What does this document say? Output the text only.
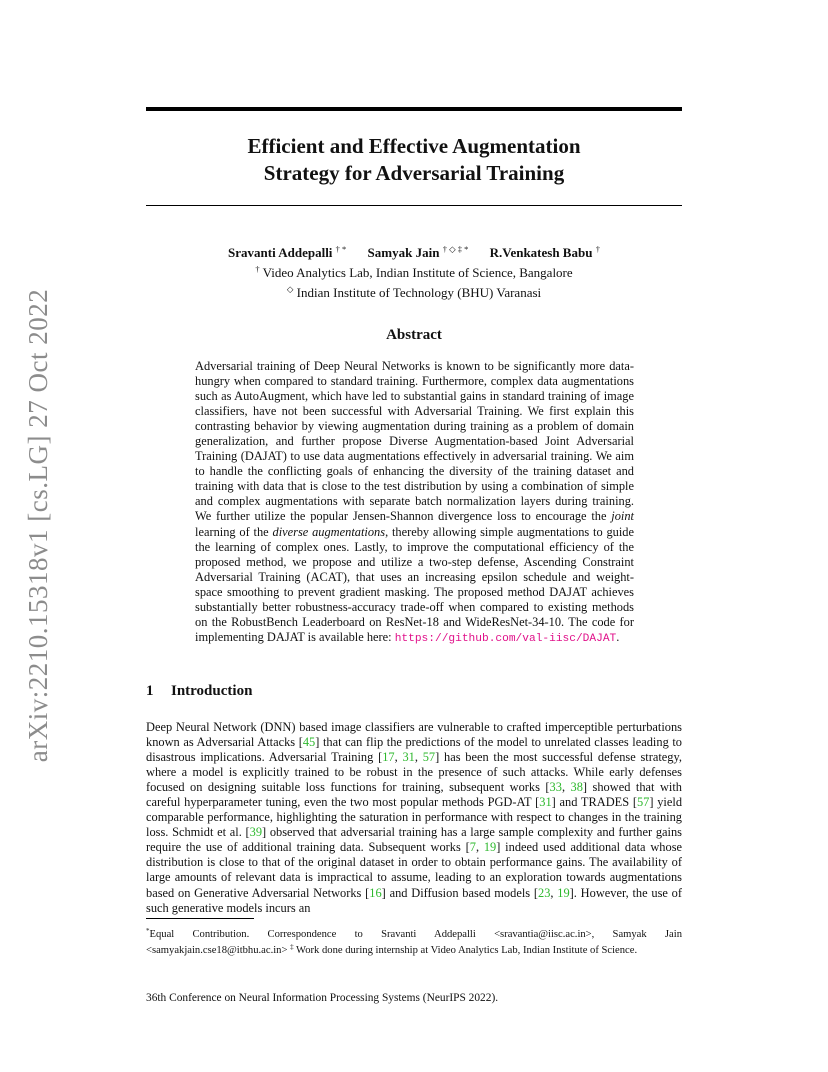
arXiv:2210.15318v1 [cs.LG] 27 Oct 2022
Efficient and Effective Augmentation
Strategy for Adversarial Training
Sravanti Addepalli † * Samyak Jain † ◇ ‡ * R.Venkatesh Babu †
† Video Analytics Lab, Indian Institute of Science, Bangalore
◇ Indian Institute of Technology (BHU) Varanasi
Abstract
Adversarial training of Deep Neural Networks is known to be significantly more data-hungry when compared to standard training. Furthermore, complex data augmentations such as AutoAugment, which have led to substantial gains in standard training of image classifiers, have not been successful with Adversarial Training. We first explain this contrasting behavior by viewing augmentation during training as a problem of domain generalization, and further propose Diverse Augmentation-based Joint Adversarial Training (DAJAT) to use data augmentations effectively in adversarial training. We aim to handle the conflicting goals of enhancing the diversity of the training dataset and training with data that is close to the test distribution by using a combination of simple and complex augmentations with separate batch normalization layers during training. We further utilize the popular Jensen-Shannon divergence loss to encourage the joint learning of the diverse augmentations, thereby allowing simple augmentations to guide the learning of complex ones. Lastly, to improve the computational efficiency of the proposed method, we propose and utilize a two-step defense, Ascending Constraint Adversarial Training (ACAT), that uses an increasing epsilon schedule and weight-space smoothing to prevent gradient masking. The proposed method DAJAT achieves substantially better robustness-accuracy trade-off when compared to existing methods on the RobustBench Leaderboard on ResNet-18 and WideResNet-34-10. The code for implementing DAJAT is available here: https://github.com/val-iisc/DAJAT.
1 Introduction
Deep Neural Network (DNN) based image classifiers are vulnerable to crafted imperceptible perturbations known as Adversarial Attacks [45] that can flip the predictions of the model to unrelated classes leading to disastrous implications. Adversarial Training [17, 31, 57] has been the most successful defense strategy, where a model is explicitly trained to be robust in the presence of such attacks. While early defenses focused on designing suitable loss functions for training, subsequent works [33, 38] showed that with careful hyperparameter tuning, even the two most popular methods PGD-AT [31] and TRADES [57] yield comparable performance, highlighting the saturation in performance with respect to changes in the training loss. Schmidt et al. [39] observed that adversarial training has a large sample complexity and further gains require the use of additional training data. Subsequent works [7, 19] indeed used additional data whose distribution is close to that of the original dataset in order to obtain performance gains. The availability of large amounts of relevant data is impractical to assume, leading to an exploration towards augmentations based on Generative Adversarial Networks [16] and Diffusion based models [23, 19]. However, the use of such generative models incurs an
*Equal Contribution. Correspondence to Sravanti Addepalli <sravantia@iisc.ac.in>, Samyak Jain <samyakjain.cse18@itbhu.ac.in> ‡ Work done during internship at Video Analytics Lab, Indian Institute of Science.
36th Conference on Neural Information Processing Systems (NeurIPS 2022).
